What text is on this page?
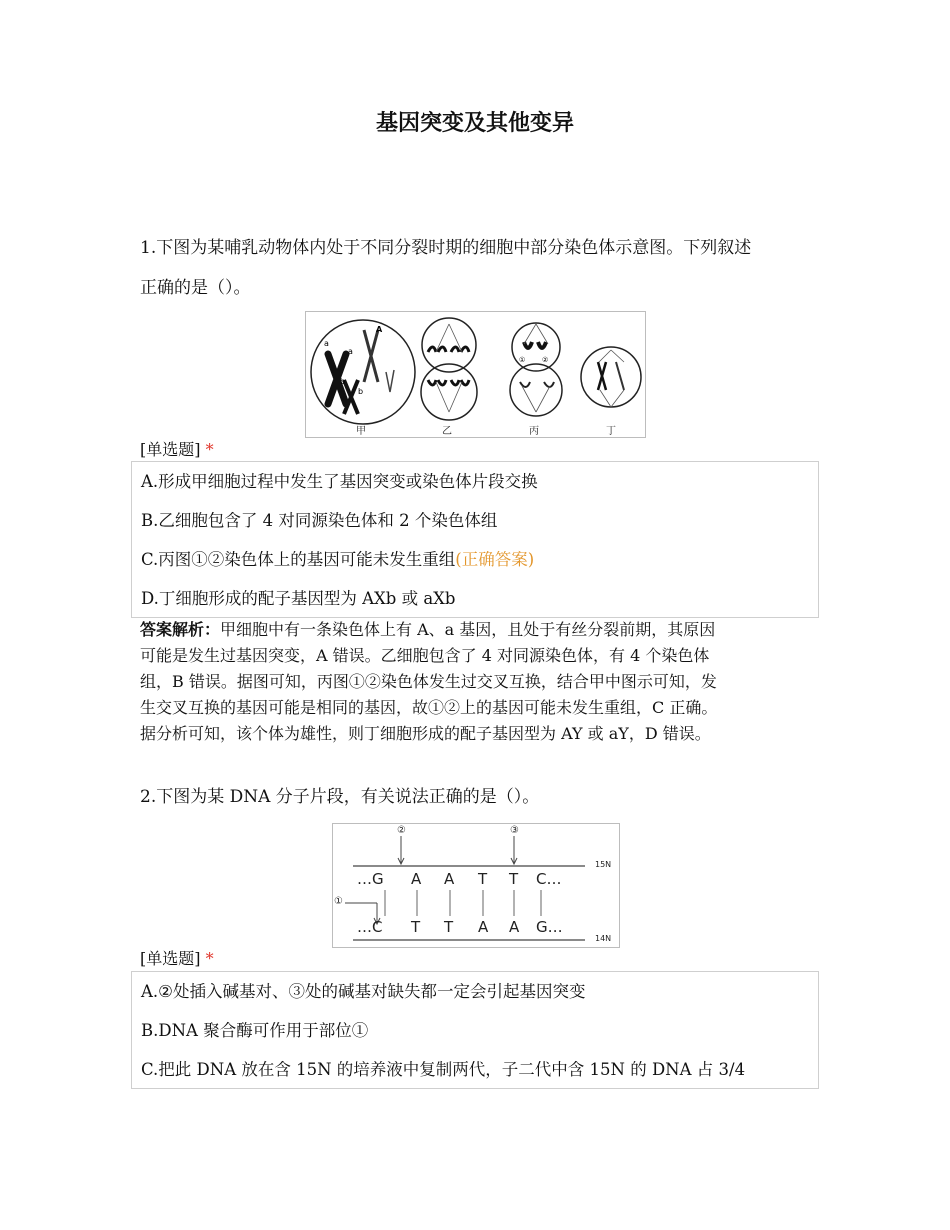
基因突变及其他变异
1.下图为某哺乳动物体内处于不同分裂时期的细胞中部分染色体示意图。下列叙述
正确的是（）。
a
A
a
b
b
① ②
甲	乙	丙	丁
[单选题] *
A.形成甲细胞过程中发生了基因突变或染色体片段交换
B.乙细胞包含了 4 对同源染色体和 2 个染色体组
C.丙图①②染色体上的基因可能未发生重组(正确答案)
D.丁细胞形成的配子基因型为 AXb 或 aXb
答案解析：甲细胞中有一条染色体上有 A、a 基因，且处于有丝分裂前期，其原因
可能是发生过基因突变，A 错误。乙细胞包含了 4 对同源染色体，有 4 个染色体
组，B 错误。据图可知，丙图①②染色体发生过交叉互换，结合甲中图示可知，发
生交叉互换的基因可能是相同的基因，故①②上的基因可能未发生重组，C 正确。
据分析可知，该个体为雄性，则丁细胞形成的配子基因型为 AY 或 aY，D 错误。
2.下图为某 DNA 分子片段，有关说法正确的是（）。
②	③
①
15N
14N
…G A A T T C…
…C T T A A G…
[单选题] *
A.②处插入碱基对、③处的碱基对缺失都一定会引起基因突变
B.DNA 聚合酶可作用于部位①
C.把此 DNA 放在含 15N 的培养液中复制两代，子二代中含 15N 的 DNA 占 3/4
